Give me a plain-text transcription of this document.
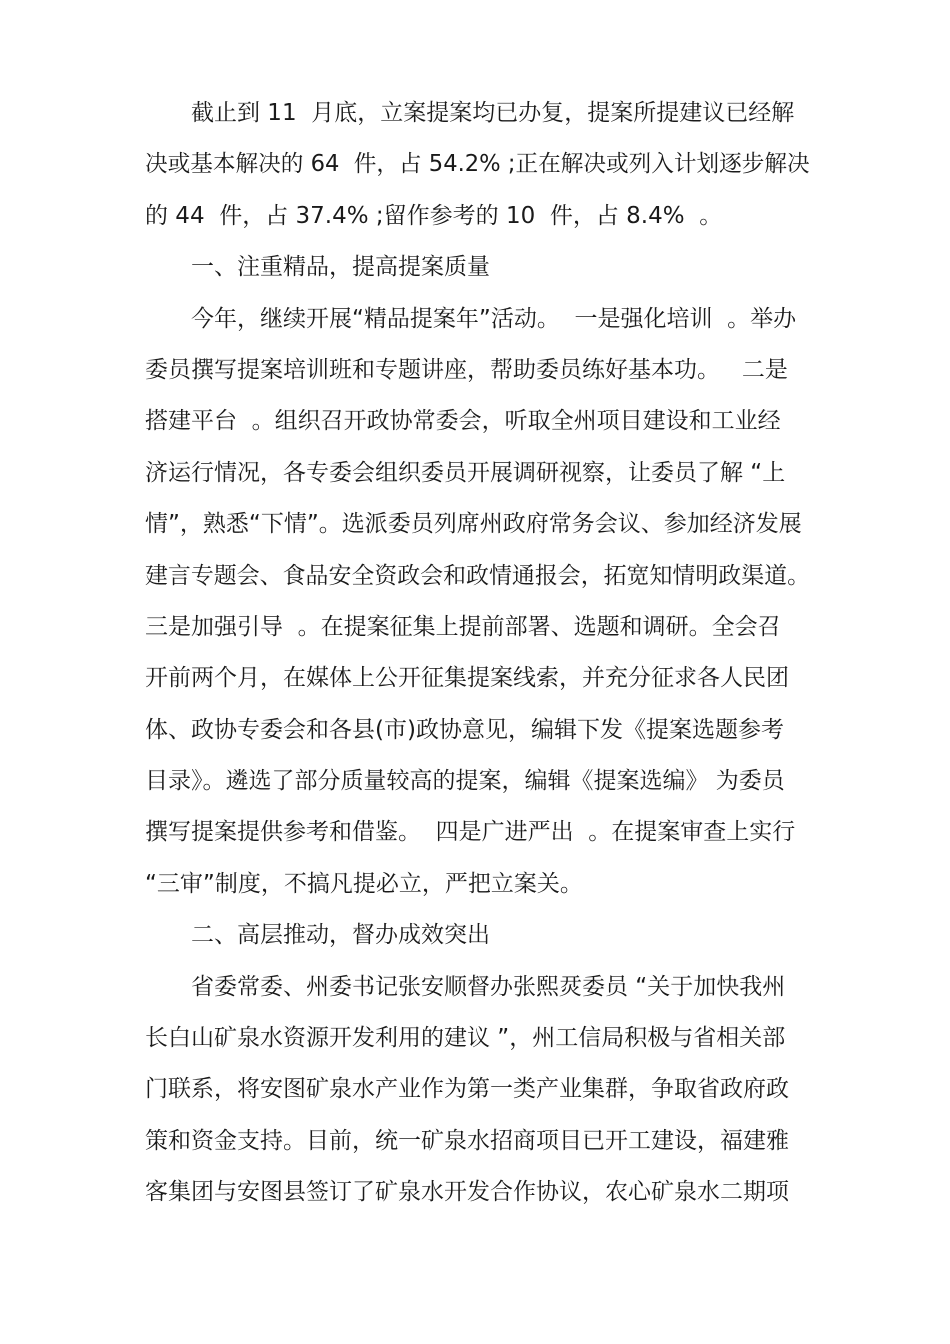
截止到 11  月底，立案提案均已办复，提案所提建议已经解
决或基本解决的 64  件，占 54.2% ;正在解决或列入计划逐步解决
的 44  件，占 37.4% ;留作参考的 10  件，占 8.4%  。
一、注重精品，提高提案质量
今年，继续开展“精品提案年”活动。  一是强化培训  。举办
委员撰写提案培训班和专题讲座，帮助委员练好基本功。   二是
搭建平台  。组织召开政协常委会，听取全州项目建设和工业经
济运行情况，各专委会组织委员开展调研视察，让委员了解 “上
情”，熟悉“下情”。选派委员列席州政府常务会议、参加经济发展
建言专题会、食品安全资政会和政情通报会，拓宽知情明政渠道。
三是加强引导  。在提案征集上提前部署、选题和调研。全会召
开前两个月，在媒体上公开征集提案线索，并充分征求各人民团
体、政协专委会和各县(市)政协意见，编辑下发《提案选题参考
目录》。遴选了部分质量较高的提案，编辑《提案选编》 为委员
撰写提案提供参考和借鉴。  四是广进严出  。在提案审查上实行
“三审”制度，不搞凡提必立，严把立案关。
二、高层推动，督办成效突出
省委常委、州委书记张安顺督办张熙烎委员 “关于加快我州
长白山矿泉水资源开发利用的建议 ”，州工信局积极与省相关部
门联系，将安图矿泉水产业作为第一类产业集群，争取省政府政
策和资金支持。目前，统一矿泉水招商项目已开工建设，福建雅
客集团与安图县签订了矿泉水开发合作协议，农心矿泉水二期项
